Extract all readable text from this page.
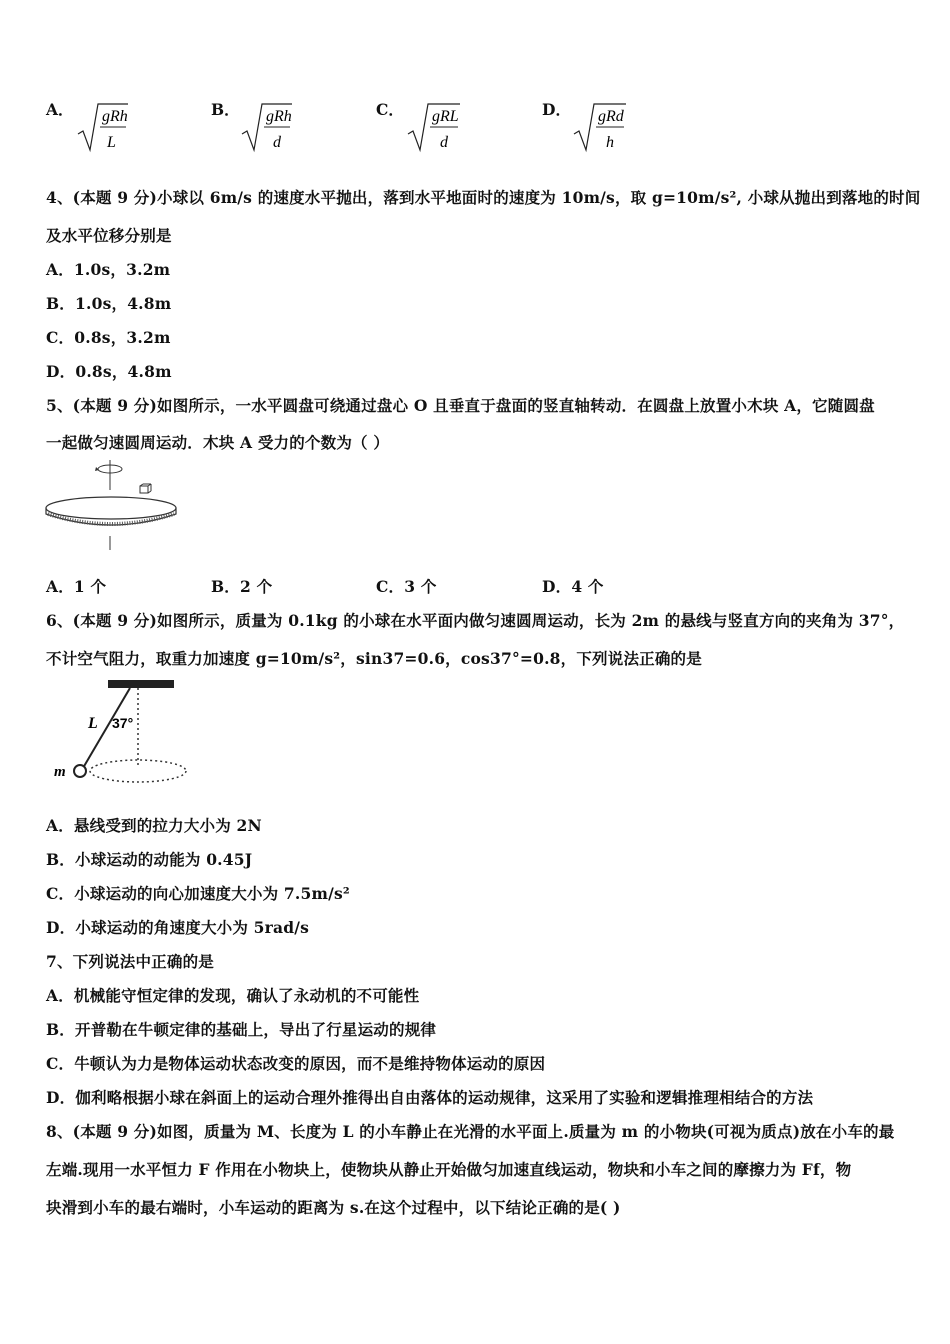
A． gRh
L
B． gRh
d
C． gRL
d
D． gRd
h
4、(本题 9 分)小球以 6m/s 的速度水平抛出，落到水平地面时的速度为 10m/s，取 g=10m/s², 小球从抛出到落地的时间
及水平位移分别是
A．1.0s，3.2m
B．1.0s，4.8m
C．0.8s，3.2m
D．0.8s，4.8m
5、(本题 9 分)如图所示，一水平圆盘可绕通过盘心 O 且垂直于盘面的竖直轴转动．在圆盘上放置小木块 A，它随圆盘
一起做匀速圆周运动．木块 A 受力的个数为（ ）
A．1 个	B．2 个	C．3 个	D．4 个
6、(本题 9 分)如图所示，质量为 0.1kg 的小球在水平面内做匀速圆周运动，长为 2m 的悬线与竖直方向的夹角为 37°，
不计空气阻力，取重力加速度 g=10m/s²，sin37=0.6，cos37°=0.8，下列说法正确的是
L 37°
m
A．悬线受到的拉力大小为 2N
B．小球运动的动能为 0.45J
C．小球运动的向心加速度大小为 7.5m/s²
D．小球运动的角速度大小为 5rad/s
7、下列说法中正确的是
A．机械能守恒定律的发现，确认了永动机的不可能性
B．开普勒在牛顿定律的基础上，导出了行星运动的规律
C．牛顿认为力是物体运动状态改变的原因，而不是维持物体运动的原因
D．伽利略根据小球在斜面上的运动合理外推得出自由落体的运动规律，这采用了实验和逻辑推理相结合的方法
8、(本题 9 分)如图，质量为 M、长度为 L 的小车静止在光滑的水平面上.质量为 m 的小物块(可视为质点)放在小车的最
左端.现用一水平恒力 F 作用在小物块上，使物块从静止开始做匀加速直线运动，物块和小车之间的摩擦力为 Ff，物
块滑到小车的最右端时，小车运动的距离为 s.在这个过程中，以下结论正确的是( )
